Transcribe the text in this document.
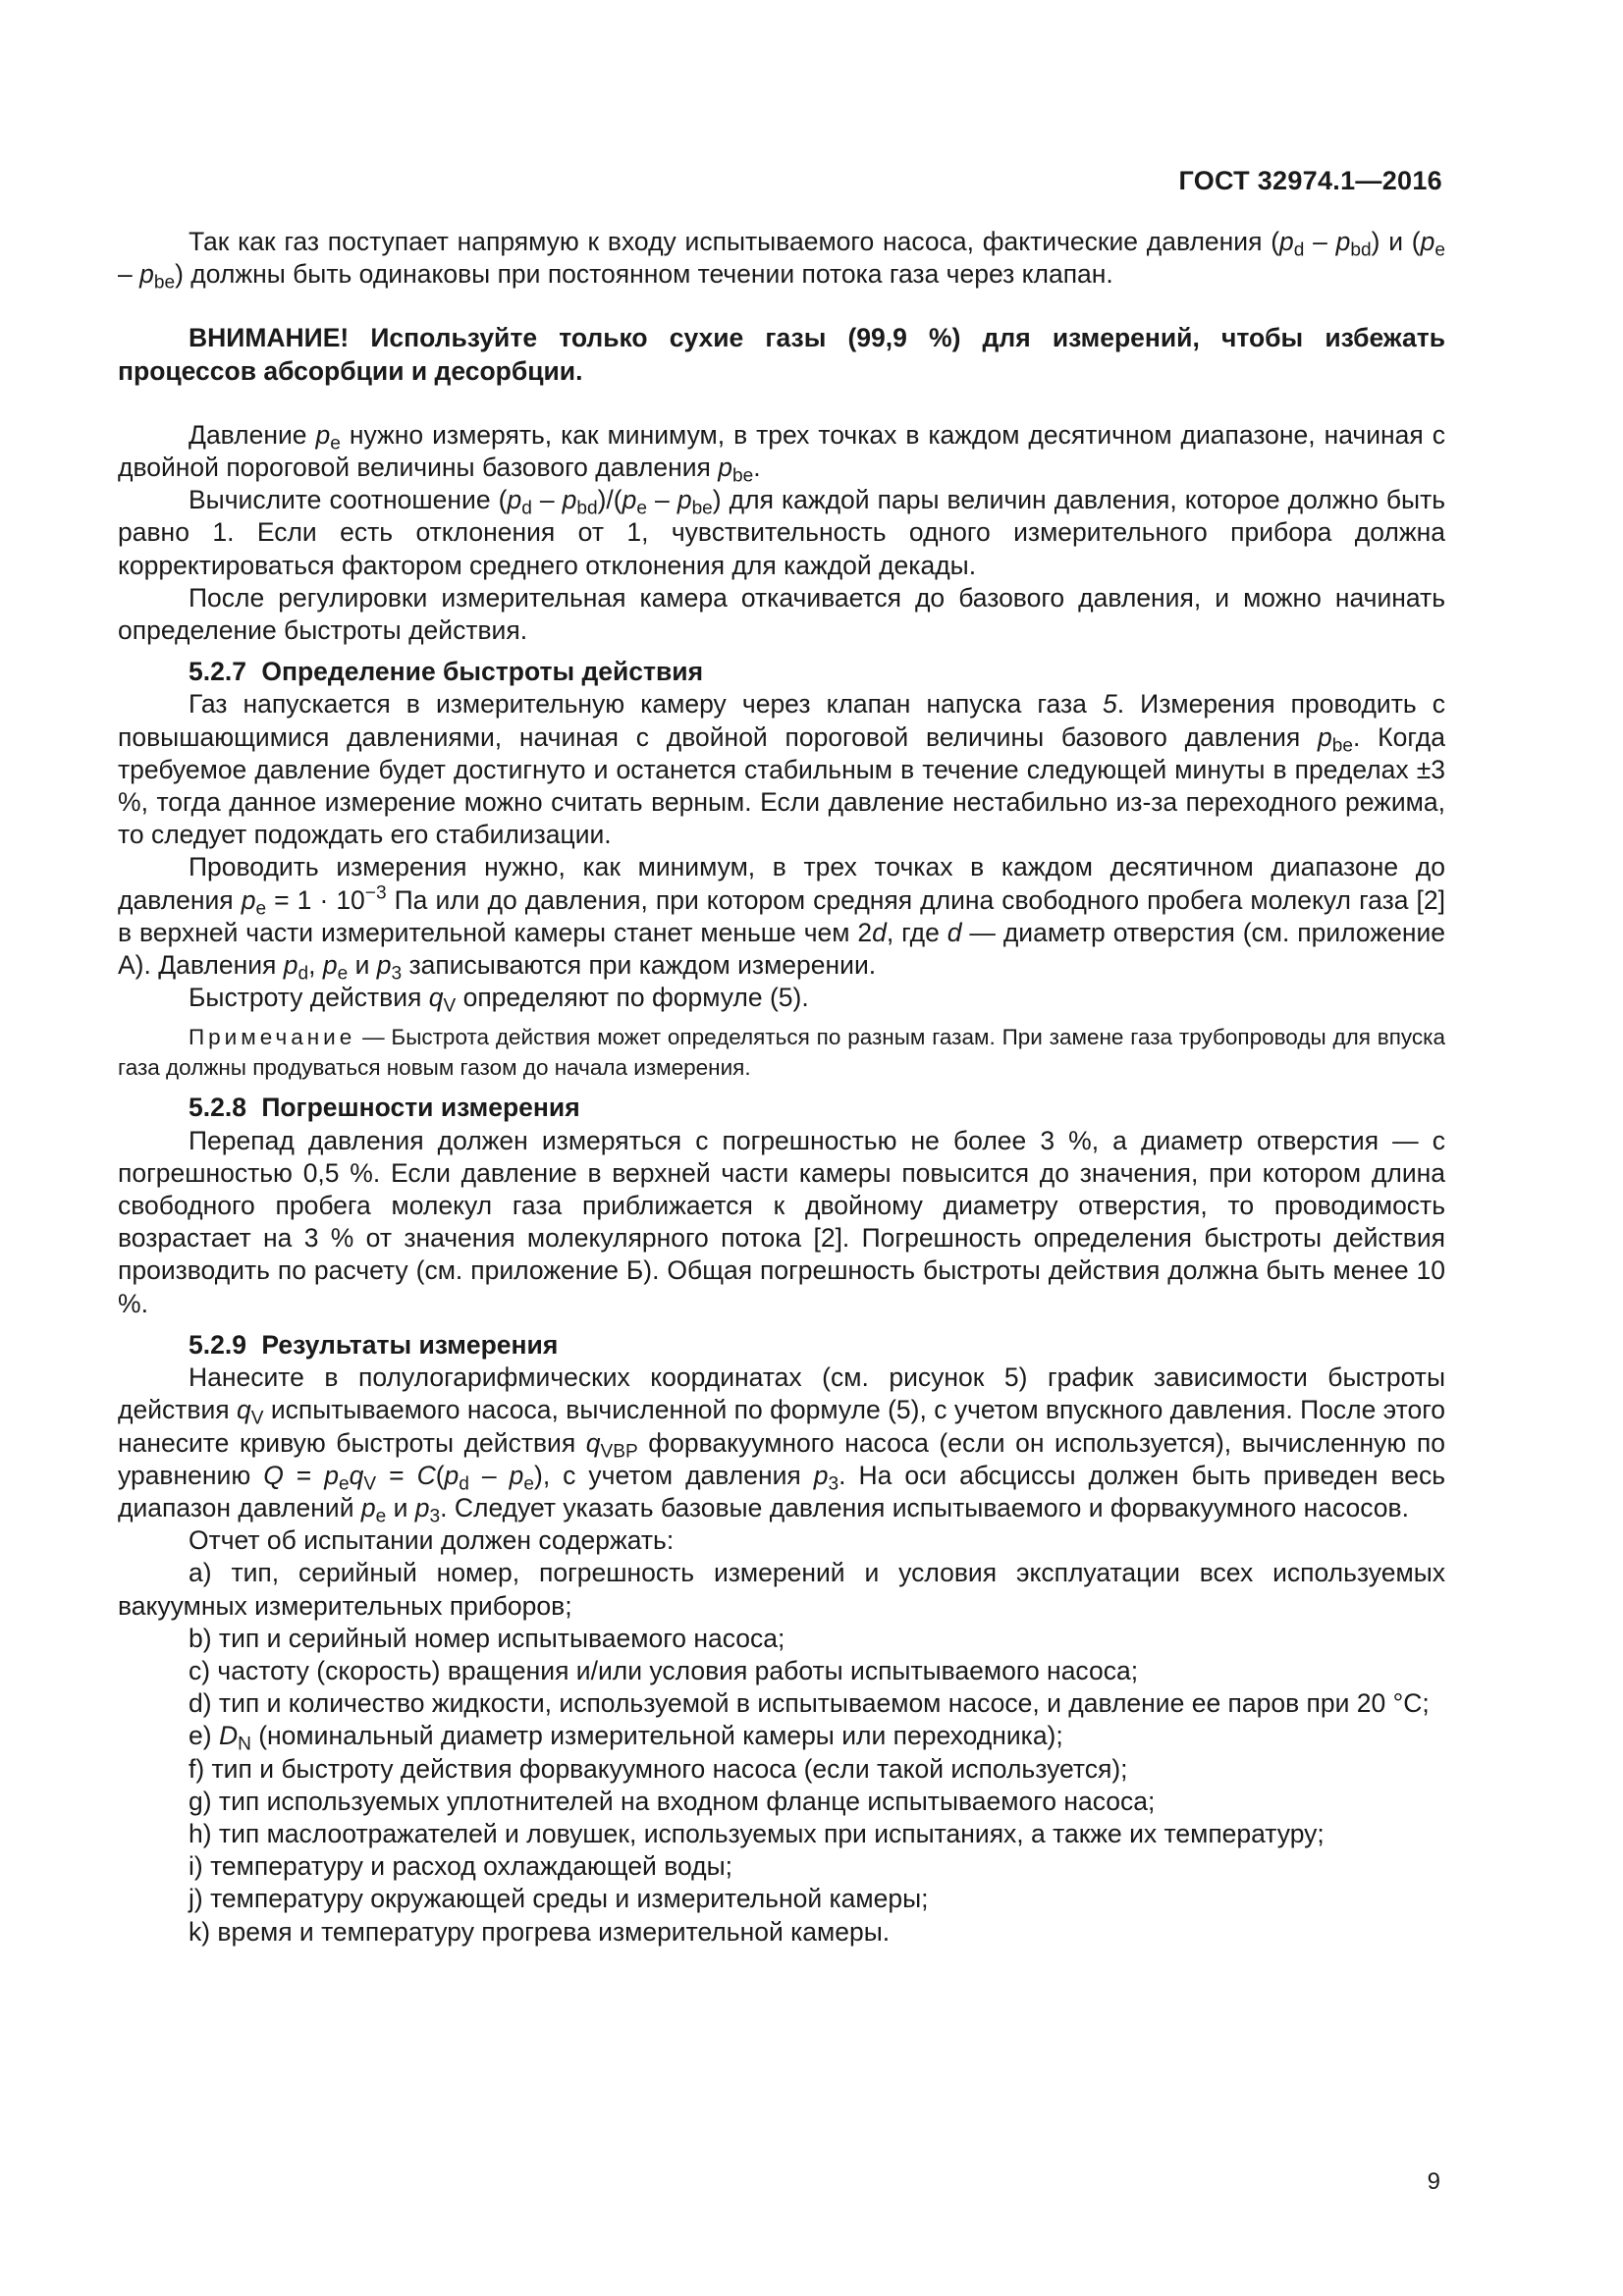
ГОСТ 32974.1—2016

Так как газ поступает напрямую к входу испытываемого насоса, фактические давления $(p_d - p_{bd})$ и $(p_e - p_{be})$ должны быть одинаковы при постоянном течении потока газа через клапан.

ВНИМАНИЕ! Используйте только сухие газы (99,9 %) для измерений, чтобы избежать процессов абсорбции и десорбции.

Давление $p_e$ нужно измерять, как минимум, в трех точках в каждом десятичном диапазоне, начиная с двойной пороговой величины базового давления $p_{be}$.

Вычислите соотношение $(p_d - p_{bd})/(p_e - p_{be})$ для каждой пары величин давления, которое должно быть равно 1. Если есть отклонения от 1, чувствительность одного измерительного прибора должна корректироваться фактором среднего отклонения для каждой декады.

После регулировки измерительная камера откачивается до базового давления, и можно начинать определение быстроты действия.

5.2.7 Определение быстроты действия

Газ напускается в измерительную камеру через клапан напуска газа 5. Измерения проводить с повышающимися давлениями, начиная с двойной пороговой величины базового давления $p_{be}$. Когда требуемое давление будет достигнуто и останется стабильным в течение следующей минуты в пределах ±3 %, тогда данное измерение можно считать верным. Если давление нестабильно из-за переходного режима, то следует подождать его стабилизации.

Проводить измерения нужно, как минимум, в трех точках в каждом десятичном диапазоне до давления $p_e = 1 \cdot 10^{-3}$ Па или до давления, при котором средняя длина свободного пробега молекул газа [2] в верхней части измерительной камеры станет меньше чем 2d, где d — диаметр отверстия (см. приложение А). Давления $p_d$, $p_e$ и $p_3$ записываются при каждом измерении.

Быстроту действия $q_V$ определяют по формуле (5).

Примечание — Быстрота действия может определяться по разным газам. При замене газа трубопроводы для впуска газа должны продуваться новым газом до начала измерения.

5.2.8 Погрешности измерения

Перепад давления должен измеряться с погрешностью не более 3 %, а диаметр отверстия — с погрешностью 0,5 %. Если давление в верхней части камеры повысится до значения, при котором длина свободного пробега молекул газа приближается к двойному диаметру отверстия, то проводимость возрастает на 3 % от значения молекулярного потока [2]. Погрешность определения быстроты действия производить по расчету (см. приложение Б). Общая погрешность быстроты действия должна быть менее 10 %.

5.2.9 Результаты измерения

Нанесите в полулогарифмических координатах (см. рисунок 5) график зависимости быстроты действия $q_V$ испытываемого насоса, вычисленной по формуле (5), с учетом впускного давления. После этого нанесите кривую быстроты действия $q_{VBP}$ форвакуумного насоса (если он используется), вычисленную по уравнению $Q = p_eq_V = C(p_d - p_e)$, с учетом давления $p_3$. На оси абсциссы должен быть приведен весь диапазон давлений $p_e$ и $p_3$. Следует указать базовые давления испытываемого и форвакуумного насосов.

Отчет об испытании должен содержать:

a) тип, серийный номер, погрешность измерений и условия эксплуатации всех используемых вакуумных измерительных приборов;

b) тип и серийный номер испытываемого насоса;

c) частоту (скорость) вращения и/или условия работы испытываемого насоса;

d) тип и количество жидкости, используемой в испытываемом насосе, и давление ее паров при 20 °С;

e) $D_N$ (номинальный диаметр измерительной камеры или переходника);

f) тип и быстроту действия форвакуумного насоса (если такой используется);

g) тип используемых уплотнителей на входном фланце испытываемого насоса;

h) тип маслоотражателей и ловушек, используемых при испытаниях, а также их температуру;

i) температуру и расход охлаждающей воды;

j) температуру окружающей среды и измерительной камеры;

k) время и температуру прогрева измерительной камеры.

9
